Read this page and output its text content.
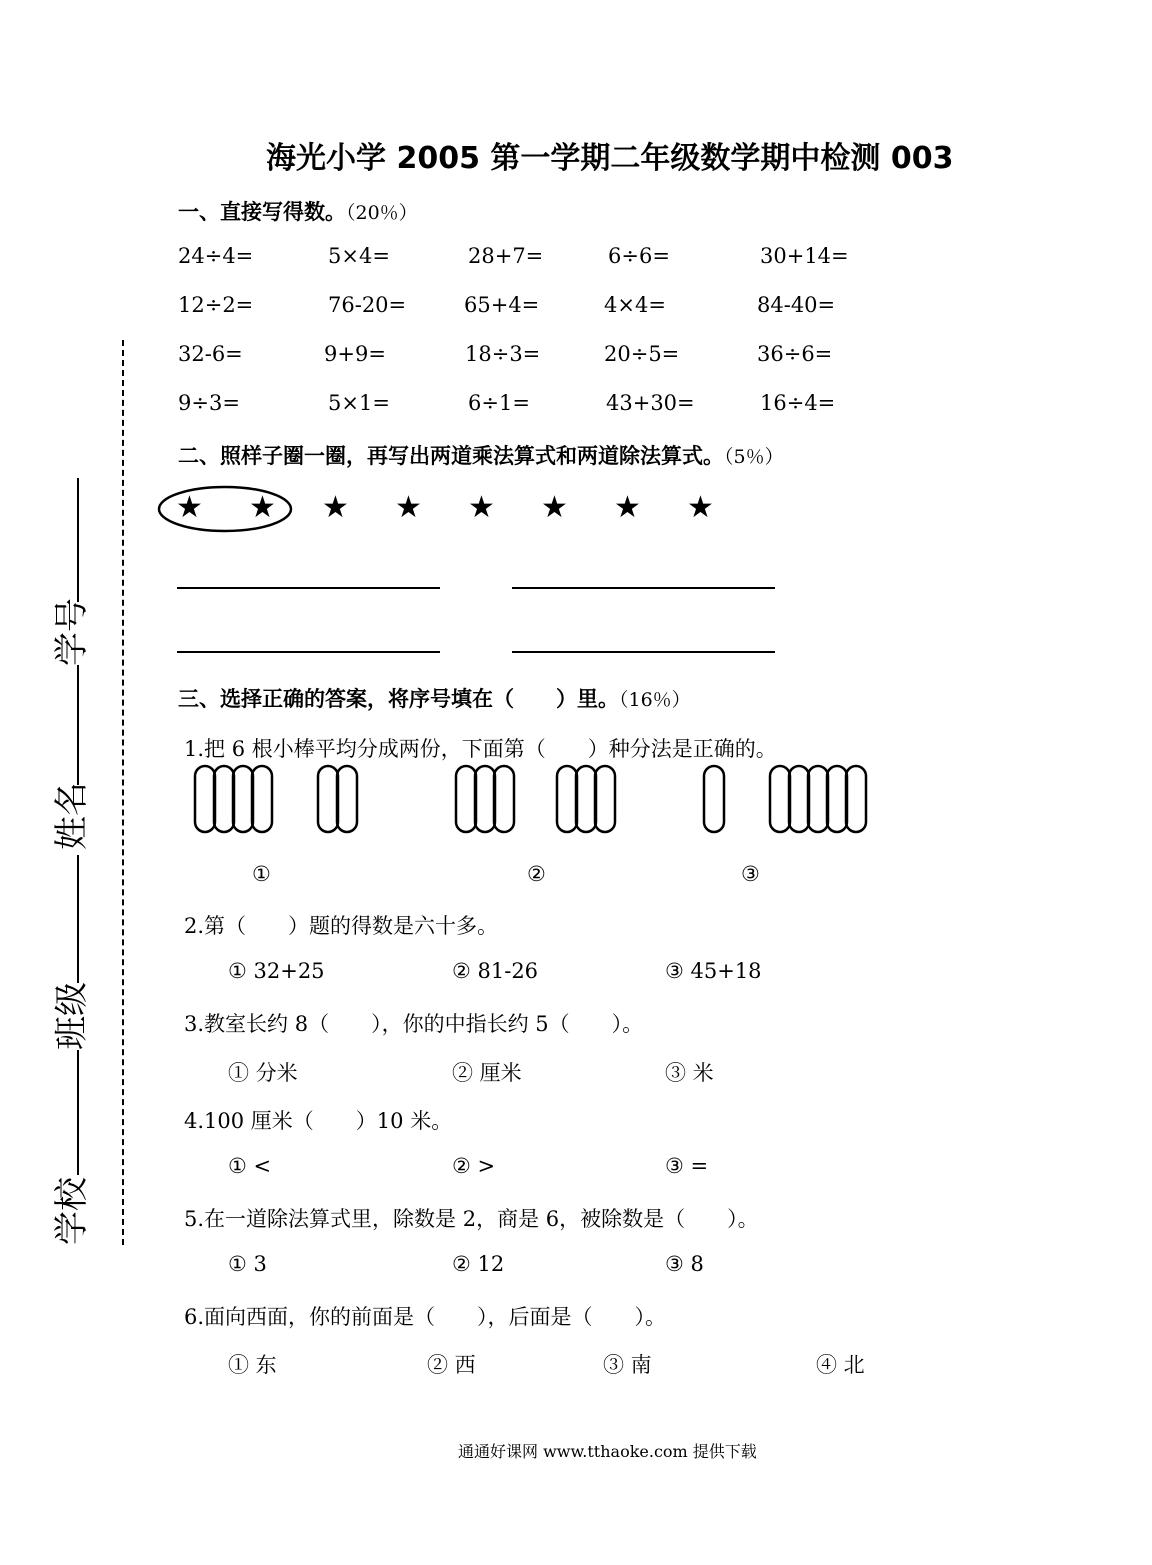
海光小学 2005 第一学期二年级数学期中检测 003
学号
姓名
班级
学校
一、直接写得数。（20％）
24÷4=	5×4=	28+7=	6÷6=	30+14=
12÷2=	76-20=	65+4=	4×4=	84-40=
32-6=	9+9=	18÷3=	20÷5=	36÷6=
9÷3=	5×1=	6÷1=	43+30=	16÷4=
二、照样子圈一圈，再写出两道乘法算式和两道除法算式。（5％）
★ ★ ★ ★ ★ ★ ★ ★
三、选择正确的答案，将序号填在（　　）里。（16％）
1.把 6 根小棒平均分成两份，下面第（　　）种分法是正确的。
①	②	③
2.第（　　）题的得数是六十多。
① 32+25	② 81-26	③ 45+18
3.教室长约 8（　　），你的中指长约 5（　　）。
① 分米	② 厘米	③ 米
4.100 厘米（　　）10 米。
① <	② >	③ =
5.在一道除法算式里，除数是 2，商是 6，被除数是（　　）。
① 3	② 12	③ 8
6.面向西面，你的前面是（　　），后面是（　　）。
① 东	② 西	③ 南	④ 北
通通好课网 www.tthaoke.com 提供下载
